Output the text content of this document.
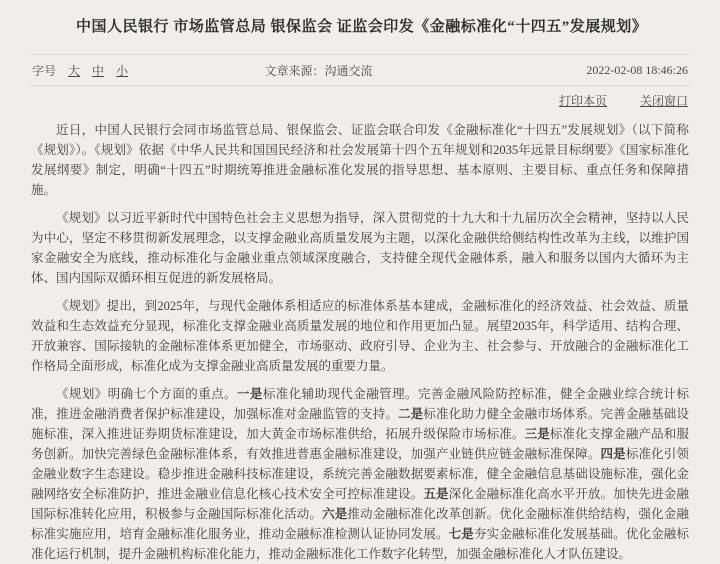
中国人民银行 市场监管总局 银保监会 证监会印发《金融标准化“十四五”发展规划》
字号 大 中 小	文章来源：沟通交流	2022-02-08 18:46:26
打印本页	关闭窗口

近日，中国人民银行会同市场监管总局、银保监会、证监会联合印发《金融标准化“十四五”发展规划》（以下简称《规划》）。《规划》依据《中华人民共和国国民经济和社会发展第十四个五年规划和2035年远景目标纲要》《国家标准化发展纲要》制定，明确“十四五”时期统筹推进金融标准化发展的指导思想、基本原则、主要目标、重点任务和保障措施。

《规划》以习近平新时代中国特色社会主义思想为指导，深入贯彻党的十九大和十九届历次全会精神，坚持以人民为中心，坚定不移贯彻新发展理念，以支撑金融业高质量发展为主题，以深化金融供给侧结构性改革为主线，以维护国家金融安全为底线，推动标准化与金融业重点领域深度融合，支持健全现代金融体系，融入和服务以国内大循环为主体、国内国际双循环相互促进的新发展格局。

《规划》提出，到2025年，与现代金融体系相适应的标准体系基本建成，金融标准化的经济效益、社会效益、质量效益和生态效益充分显现，标准化支撑金融业高质量发展的地位和作用更加凸显。展望2035年，科学适用、结构合理、开放兼容、国际接轨的金融标准体系更加健全，市场驱动、政府引导、企业为主、社会参与、开放融合的金融标准化工作格局全面形成，标准化成为支撑金融业高质量发展的重要力量。

《规划》明确七个方面的重点。一是标准化辅助现代金融管理。完善金融风险防控标准，健全金融业综合统计标准，推进金融消费者保护标准建设，加强标准对金融监管的支持。二是标准化助力健全金融市场体系。完善金融基础设施标准，深入推进证券期货标准建设，加大黄金市场标准供给，拓展升级保险市场标准。三是标准化支撑金融产品和服务创新。加快完善绿色金融标准体系，有效推进普惠金融标准建设，加强产业链供应链金融标准保障。四是标准化引领金融业数字生态建设。稳步推进金融科技标准建设，系统完善金融数据要素标准，健全金融信息基础设施标准，强化金融网络安全标准防护，推进金融业信息化核心技术安全可控标准建设。五是深化金融标准化高水平开放。加快先进金融国际标准转化应用，积极参与金融国际标准化活动。六是推动金融标准化改革创新。优化金融标准供给结构，强化金融标准实施应用，培育金融标准化服务业，推动金融标准检测认证协同发展。七是夯实金融标准化发展基础。优化金融标准化运行机制，提升金融机构标准化能力，推动金融标准化工作数字化转型，加强金融标准化人才队伍建设。
